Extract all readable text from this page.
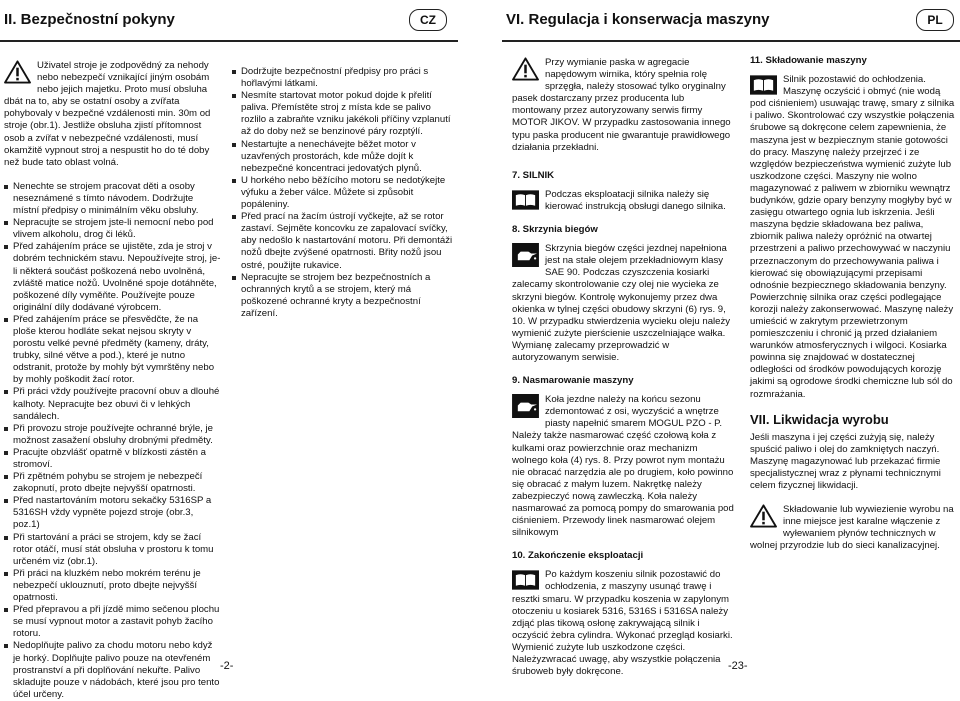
II. Bezpečnostní pokyny	CZ	VI. Regulacja i konserwacja maszyny	PL

Uživatel stroje je zodpovědný za nehody nebo nebezpečí vznikající jiným osobám nebo jejich majetku. Proto musí obsluha dbát na to, aby se ostatní osoby a zvířata pohybovaly v bezpečné vzdálenosti min. 30m od stroje (obr.1). Jestliže obsluha zjistí přítomnost osob a zvířat v nebezpečné vzdálenosti, musí okamžitě vypnout stroj a nespustit ho do té doby než bude tato oblast volná.

Nenechte se strojem pracovat děti a osoby neseznámené s tímto návodem. Dodržujte místní předpisy o minimálním věku obsluhy.
Nepracujte se strojem jste-li nemocní nebo pod vlivem alkoholu, drog či léků.
Před zahájením práce se ujistěte, zda je stroj v dobrém technickém stavu. Nepoužívejte stroj, je-li některá součást poškozená nebo uvolněná, zvláště matice nožů. Uvolněné spoje dotáhněte, poškozené díly vyměňte. Používejte pouze originální díly dodávané výrobcem.
Před zahájením práce se přesvědčte, že na ploše kterou hodláte sekat nejsou skryty v porostu velké pevné předměty (kameny, dráty, trubky, silné větve a pod.), které je nutno odstranit, protože by mohly být vymrštěny nebo by mohly poškodit žací rotor.
Při práci vždy používejte pracovní obuv a dlouhé kalhoty. Nepracujte bez obuvi či v lehkých sandálech.
Při provozu stroje používejte ochranné brýle, je možnost zasažení obsluhy drobnými předměty.
Pracujte obzvlášť opatrně v blízkosti zástěn a stromoví.
Při zpětném pohybu se strojem je nebezpečí zakopnutí, proto dbejte nejvyšší opatrnosti.
Před nastartováním motoru sekačky 5316SP a 5316SH vždy vypněte pojezd stroje (obr.3, poz.1)
Při startování a práci se strojem, kdy se žací rotor otáčí, musí stát obsluha v prostoru k tomu určeném viz (obr.1).
Při práci na kluzkém nebo mokrém terénu je nebezpečí uklouznutí, proto dbejte nejvyšší opatrnosti.
Před přepravou a při jízdě mimo sečenou plochu se musí vypnout motor a zastavit pohyb žacího rotoru.
Nedoplňujte palivo za chodu motoru nebo když je horký. Doplňujte palivo pouze na otevřeném prostranství a při doplňování nekuřte. Palivo skladujte pouze v nádobách, které jsou pro tento účel určeny.
Dodržujte bezpečnostní předpisy pro práci s hořlavými látkami.
Nesmíte startovat motor pokud dojde k přelití paliva. Přemístěte stroj z místa kde se palivo rozlilo a zabraňte vzniku jakékoli příčiny vzplanutí až do doby než se benzinové páry rozptýlí.
Nestartujte a nenechávejte běžet motor v uzavřených prostorách, kde může dojít k nebezpečné koncentraci jedovatých plynů.
U horkého nebo běžícího motoru se nedotýkejte výfuku a žeber válce. Můžete si způsobit popáleniny.
Před prací na žacím ústrojí vyčkejte, až se rotor zastaví. Sejměte koncovku ze zapalovací svíčky, aby nedošlo k nastartování motoru. Při demontáži nožů dbejte zvýšené opatrnosti. Břity nožů jsou ostré, použijte rukavice.
Nepracujte se strojem bez bezpečnostních a ochranných krytů a se strojem, který má poškozené ochranné kryty a bezpečnostní zařízení.
-2-

Przy wymianie paska w agregacie napędowym wirnika, który spełnia rolę sprzęgła, należy stosować tylko oryginalny pasek dostarczany przez producenta lub montowany przez autoryzowany serwis firmy MOTOR JIKOV. W przypadku zastosowania innego typu paska producent nie gwarantuje prawidłowego działania przekładni.

7. SILNIK

Podczas eksploatacji silnika należy się kierować instrukcją obsługi danego silnika.

8. Skrzynia biegów

Skrzynia biegów części jezdnej napełniona jest na stałe olejem przekładniowym klasy SAE 90. Podczas czyszczenia kosiarki zalecamy skontrolowanie czy olej nie wycieka ze skrzyni biegów. Kontrolę wykonujemy przez dwa okienka w tylnej części obudowy skrzyni (6) rys. 9, 10. W przypadku stwierdzenia wycieku oleju należy wymienić zużyte pierścienie uszczelniające wałka. Wymianę zalecamy przeprowadzić w autoryzowanym serwisie.

9. Nasmarowanie maszyny

Koła jezdne należy na końcu sezonu zdemontować z osi, wyczyścić a wnętrze piasty napełnić smarem MOGUL PZO - P. Należy także nasmarować część czołową koła z kulkami oraz powierzchnie oraz mechanizm wolnego koła (4) rys. 8. Przy powrot nym montażu nie obracać narzędzia ale po drugiem, koło powinno się obracać z małym luzem. Nakrętkę należy zabezpieczyć nową zawleczką. Koła należy nasmarować za pomocą pompy do smarowania pod ciśnieniem. Przewody linek nasmarować olejem silnikowym

10. Zakończenie eksploatacji

Po każdym koszeniu silnik pozostawić do ochłodzenia, z maszyny usunąć trawę i resztki smaru. W przypadku koszenia w zapylonym otoczeniu u kosiarek 5316, 5316S i 5316SA należy zdjąć plas tikową osłonę zakrywającą silnik i oczyścić żebra cylindra. Wykonać przegląd kosiarki. Wymienić zużyte lub uszkodzone części. Należyzwracać uwagę, aby wszystkie połączenia śruboweb były dokręcone.

11. Składowanie maszyny

Silnik pozostawić do ochłodzenia. Maszynę oczyścić i obmyć (nie wodą pod ciśnieniem) usuwając trawę, smary z silnika i paliwo. Skontrolować czy wszystkie połączenia śrubowe są dokręcone celem zapewnienia, że maszyna jest w bezpiecznym stanie gotowości do pracy. Maszynę należy przejrzeć i ze względów bezpieczeństwa wymienić zużyte lub uszkodzone części. Maszyny nie wolno magazynować z paliwem w zbiorniku wewnątrz budynków, gdzie opary benzyny mogłyby być w zasięgu otwartego ognia lub iskrzenia. Jeśli maszyna będzie składowana bez paliwa, zbiornik paliwa należy opróżnić na otwartej przestrzeni a paliwo przechowywać w naczyniu przeznaczonym do przechowywania paliwa i kierować się obowiązującymi przepisami odnośnie bezpiecznego składowania benzyny. Powierzchnię silnika oraz części podlegające korozji należy zakonserwować. Maszynę należy umieścić w zakrytym przewietrzonym pomieszczeniu i chronić ją przed działaniem warunków atmosferycznych i wilgoci. Kosiarka powinna się znajdować w dostatecznej odległości od środków powodujących korozję jakimi są ogrodowe środki chemiczne lub sól do rozmrażania.

VII. Likwidacja wyrobu

Jeśli maszyna i jej części zużyją się, należy spuścić paliwo i olej do zamkniętych naczyń. Maszynę magazynować lub przekazać firmie specjalistycznej wraz z płynami technicznymi celem fizycznej likwidacji.

Składowanie lub wywiezienie wyrobu na inne miejsce jest karalne włączenie z wyłewaniem płynów technicznych w wolnej przyrodzie lub do sieci kanalizacyjnej.

-23-
